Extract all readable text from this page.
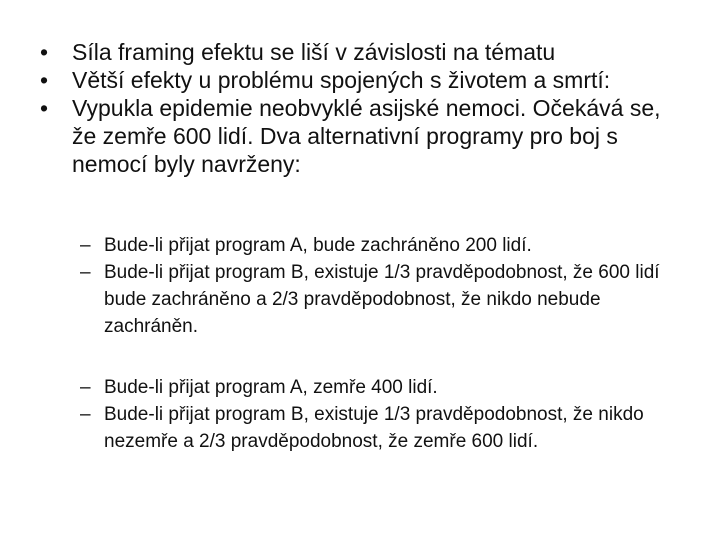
• Síla framing efektu se liší v závislosti na tématu
• Větší efekty u problému spojených s životem a smrtí:
• Vypukla epidemie neobvyklé asijské nemoci. Očekává se, že zemře 600 lidí. Dva alternativní programy pro boj s nemocí byly navrženy:
– Bude-li přijat program A, bude zachráněno 200 lidí.
– Bude-li přijat program B, existuje 1/3 pravděpodobnost, že 600 lidí bude zachráněno a 2/3 pravděpodobnost, že nikdo nebude zachráněn.
– Bude-li přijat program A, zemře 400 lidí.
– Bude-li přijat program B, existuje 1/3 pravděpodobnost, že nikdo nezemře a 2/3 pravděpodobnost, že zemře 600 lidí.
